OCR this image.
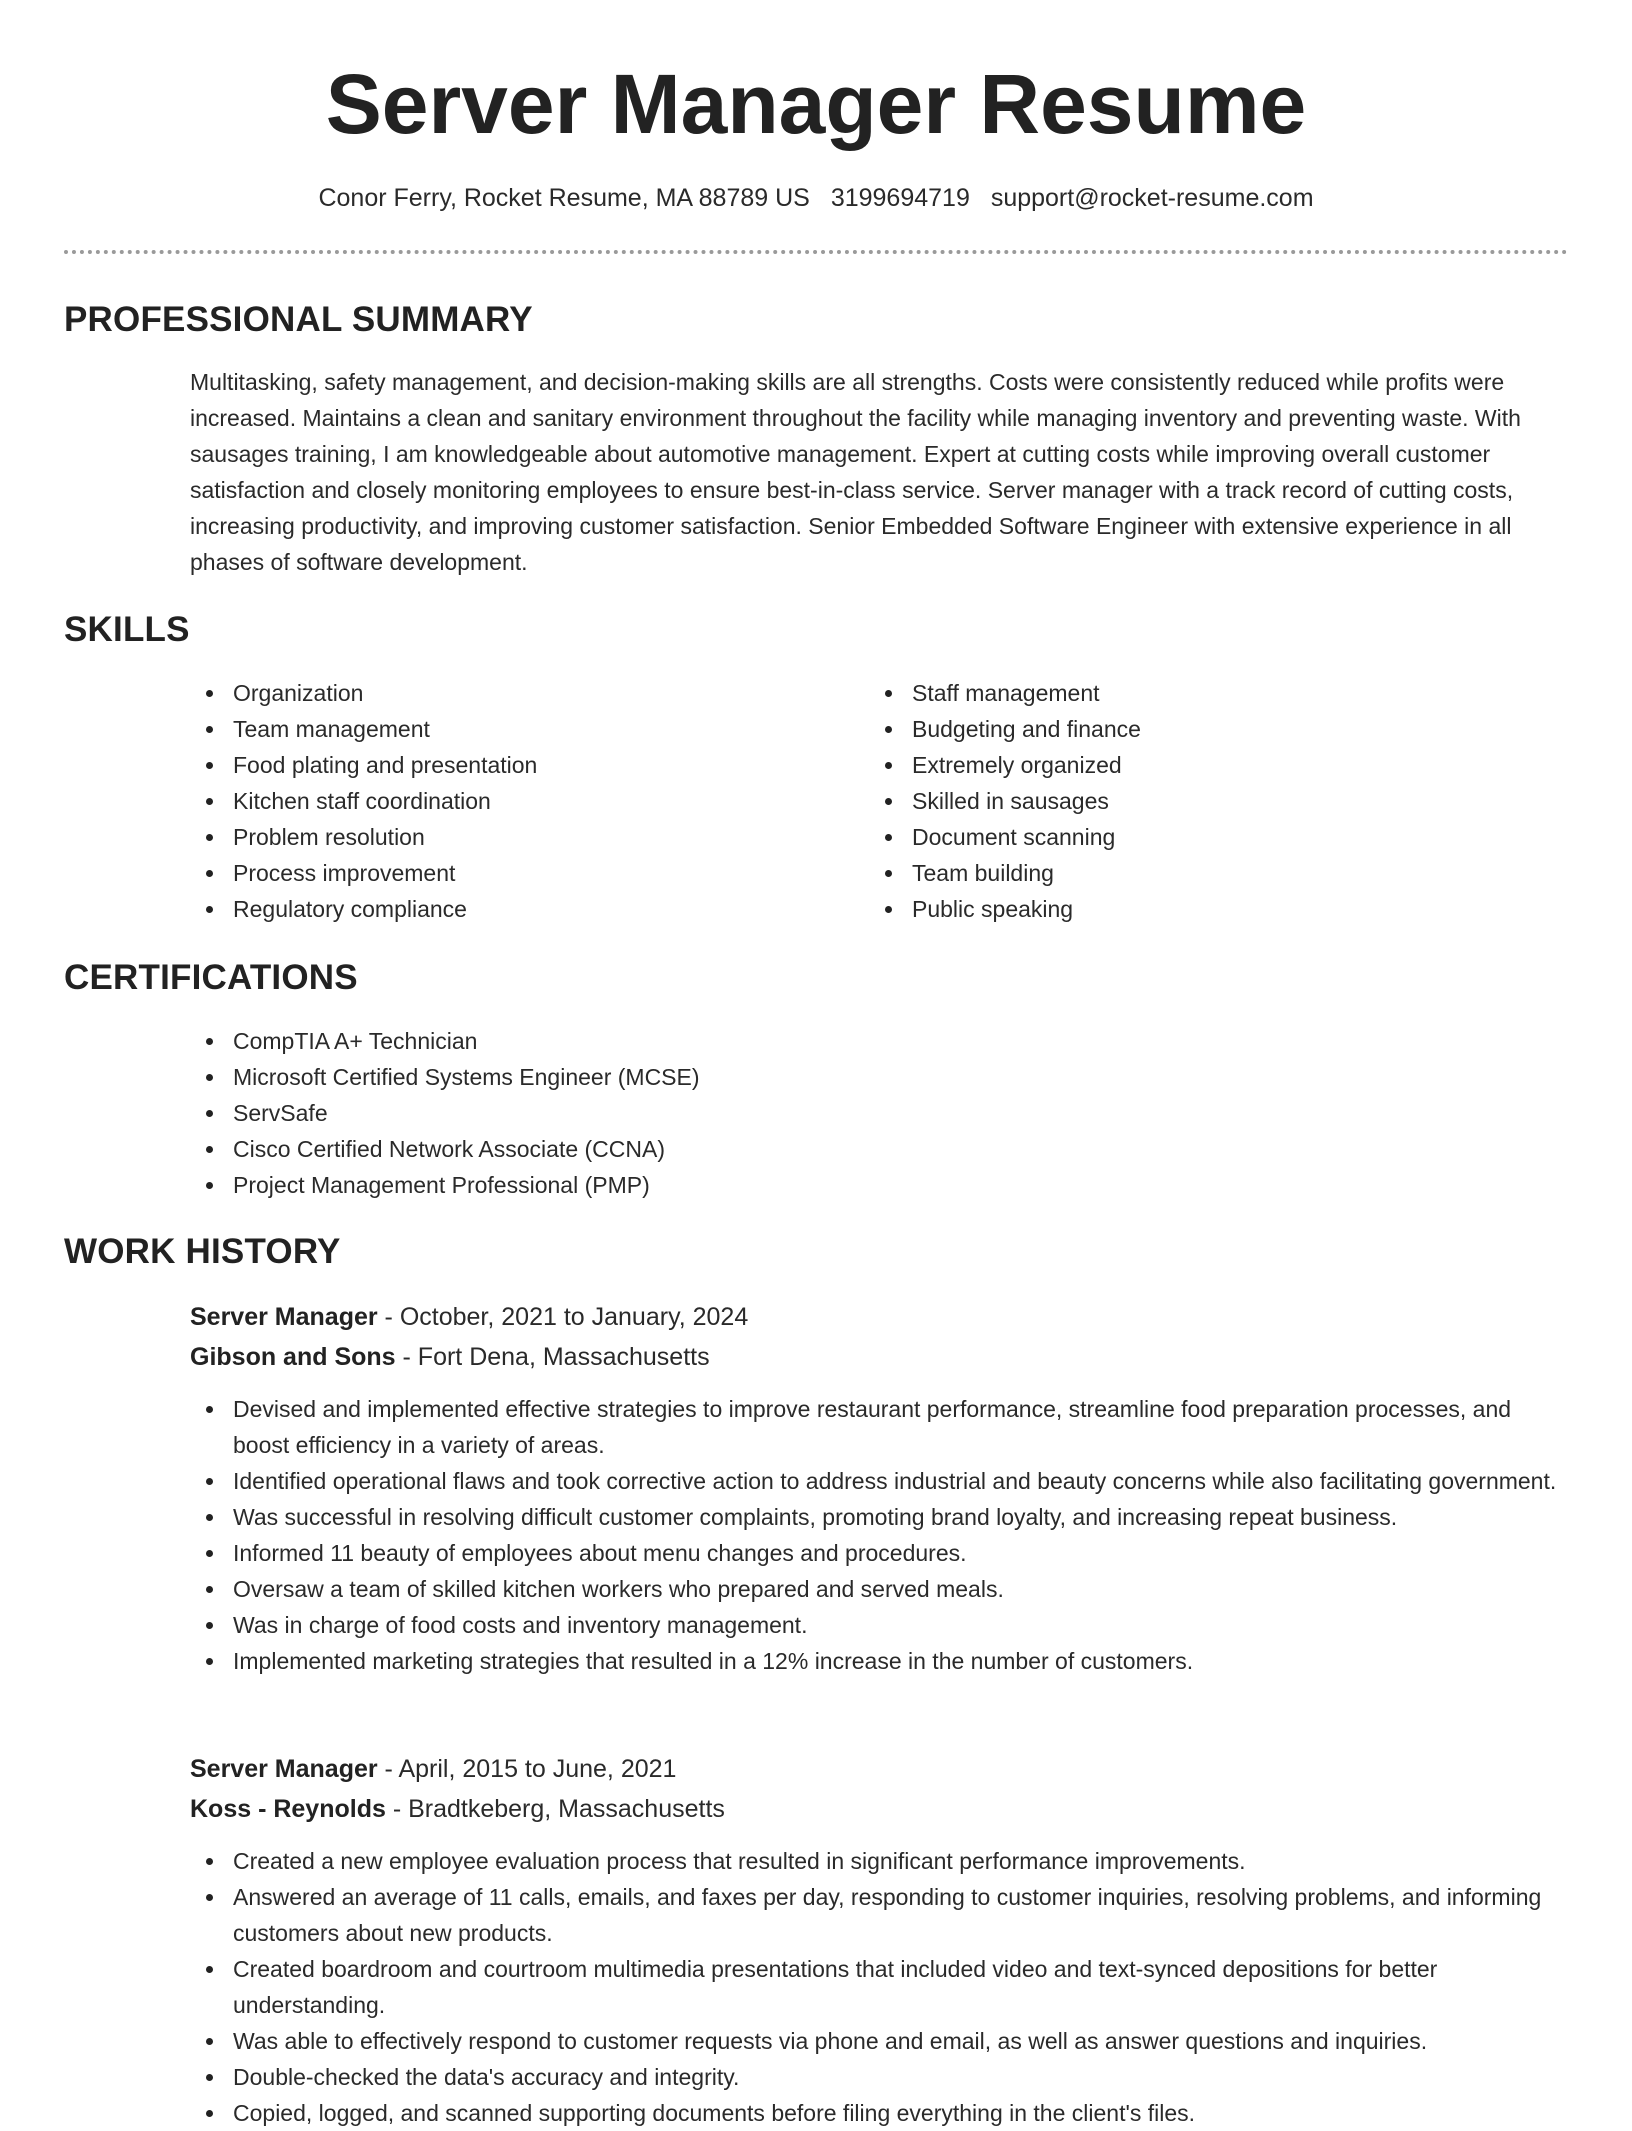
Server Manager Resume
Conor Ferry, Rocket Resume, MA 88789 US 3199694719 support@rocket-resume.com
PROFESSIONAL SUMMARY

Multitasking, safety management, and decision-making skills are all strengths. Costs were consistently reduced while profits were increased. Maintains a clean and sanitary environment throughout the facility while managing inventory and preventing waste. With sausages training, I am knowledgeable about automotive management. Expert at cutting costs while improving overall customer satisfaction and closely monitoring employees to ensure best-in-class service. Server manager with a track record of cutting costs, increasing productivity, and improving customer satisfaction. Senior Embedded Software Engineer with extensive experience in all phases of software development.

SKILLS
Organization
Team management
Food plating and presentation
Kitchen staff coordination
Problem resolution
Process improvement
Regulatory compliance
Staff management
Budgeting and finance
Extremely organized
Skilled in sausages
Document scanning
Team building
Public speaking
CERTIFICATIONS
CompTIA A+ Technician
Microsoft Certified Systems Engineer (MCSE)
ServSafe
Cisco Certified Network Associate (CCNA)
Project Management Professional (PMP)
WORK HISTORY
Server Manager - October, 2021 to January, 2024
Gibson and Sons - Fort Dena, Massachusetts
Devised and implemented effective strategies to improve restaurant performance, streamline food preparation processes, and boost efficiency in a variety of areas.
Identified operational flaws and took corrective action to address industrial and beauty concerns while also facilitating government.
Was successful in resolving difficult customer complaints, promoting brand loyalty, and increasing repeat business.
Informed 11 beauty of employees about menu changes and procedures.
Oversaw a team of skilled kitchen workers who prepared and served meals.
Was in charge of food costs and inventory management.
Implemented marketing strategies that resulted in a 12% increase in the number of customers.
Server Manager - April, 2015 to June, 2021
Koss - Reynolds - Bradtkeberg, Massachusetts
Created a new employee evaluation process that resulted in significant performance improvements.
Answered an average of 11 calls, emails, and faxes per day, responding to customer inquiries, resolving problems, and informing customers about new products.
Created boardroom and courtroom multimedia presentations that included video and text-synced depositions for better understanding.
Was able to effectively respond to customer requests via phone and email, as well as answer questions and inquiries.
Double-checked the data's accuracy and integrity.
Copied, logged, and scanned supporting documents before filing everything in the client's files.
